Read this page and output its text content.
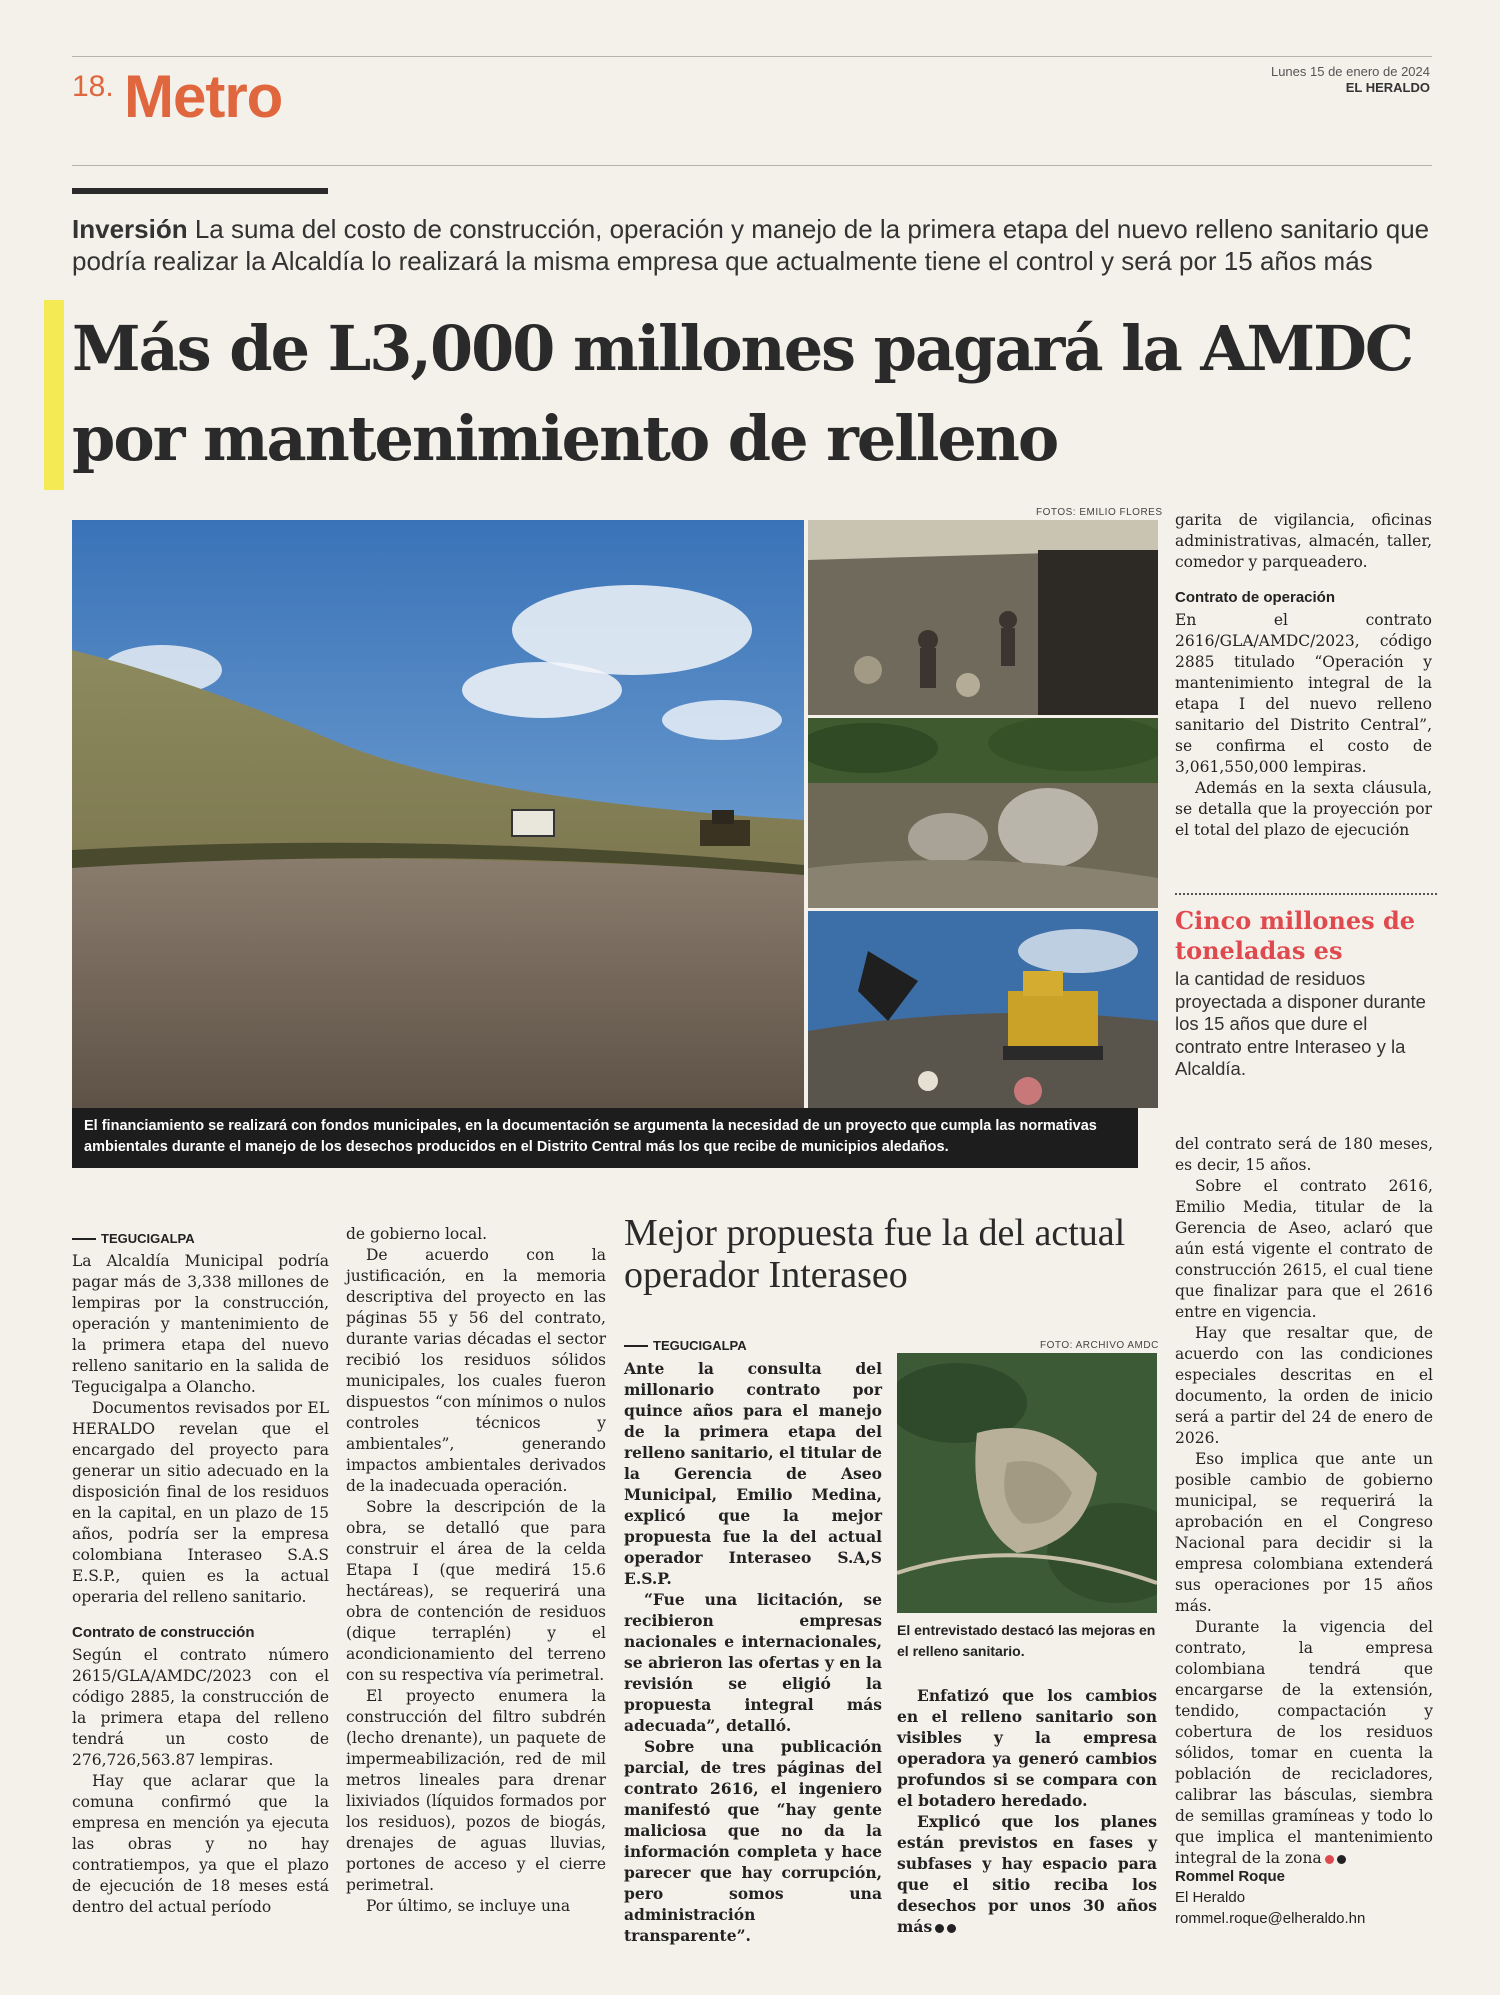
18. Metro	Lunes 15 de enero de 2024
EL HERALDO
Inversión La suma del costo de construcción, operación y manejo de la primera etapa del nuevo relleno sanitario que podría realizar la Alcaldía lo realizará la misma empresa que actualmente tiene el control y será por 15 años más
Más de L3,000 millones pagará la AMDC por mantenimiento de relleno
FOTOS: EMILIO FLORES
El financiamiento se realizará con fondos municipales, en la documentación se argumenta la necesidad de un proyecto que cumpla las normativas ambientales durante el manejo de los desechos producidos en el Distrito Central más los que recibe de municipios aledaños.

garita de vigilancia, oficinas administrativas, almacén, taller, comedor y parqueadero.

Contrato de operación

En el contrato 2616/GLA/AMDC/2023, código 2885 titulado “Operación y mantenimiento integral de la etapa I del nuevo relleno sanitario del Distrito Central”, se confirma el costo de 3,061,550,000 lempiras.

Además en la sexta cláusula, se detalla que la proyección por el total del plazo de ejecución

Cinco millones de toneladas es
la cantidad de residuos proyectada a disponer durante los 15 años que dure el contrato entre Interaseo y la Alcaldía.
TEGUCIGALPA

La Alcaldía Municipal podría pagar más de 3,338 millones de lempiras por la construcción, operación y mantenimiento de la primera etapa del nuevo relleno sanitario en la salida de Tegucigalpa a Olancho.

Documentos revisados por EL HERALDO revelan que el encargado del proyecto para generar un sitio adecuado en la disposición final de los residuos en la capital, en un plazo de 15 años, podría ser la empresa colombiana Interaseo S.A.S E.S.P., quien es la actual operaria del relleno sanitario.

Contrato de construcción

Según el contrato número 2615/GLA/AMDC/2023 con el código 2885, la construcción de la primera etapa del relleno tendrá un costo de 276,726,563.87 lempiras.

Hay que aclarar que la comuna confirmó que la empresa en mención ya ejecuta las obras y no hay contratiempos, ya que el plazo de ejecución de 18 meses está dentro del actual período

de gobierno local.

De acuerdo con la justificación, en la memoria descriptiva del proyecto en las páginas 55 y 56 del contrato, durante varias décadas el sector recibió los residuos sólidos municipales, los cuales fueron dispuestos “con mínimos o nulos controles técnicos y ambientales”, generando impactos ambientales derivados de la inadecuada operación.

Sobre la descripción de la obra, se detalló que para construir el área de la celda Etapa I (que medirá 15.6 hectáreas), se requerirá una obra de contención de residuos (dique terraplén) y el acondicionamiento del terreno con su respectiva vía perimetral.

El proyecto enumera la construcción del filtro subdrén (lecho drenante), un paquete de impermeabilización, red de mil metros lineales para drenar lixiviados (líquidos formados por los residuos), pozos de biogás, drenajes de aguas lluvias, portones de acceso y el cierre perimetral.

Por último, se incluye una

Mejor propuesta fue la del actual operador Interaseo
TEGUCIGALPA

Ante la consulta del millonario contrato por quince años para el manejo de la primera etapa del relleno sanitario, el titular de la Gerencia de Aseo Municipal, Emilio Medina, explicó que la mejor propuesta fue la del actual operador Interaseo S.A,S E.S.P.

“Fue una licitación, se recibieron empresas nacionales e internacionales, se abrieron las ofertas y en la revisión se eligió la propuesta integral más adecuada”, detalló.

Sobre una publicación parcial, de tres páginas del contrato 2616, el ingeniero manifestó que “hay gente maliciosa que no da la información completa y hace parecer que hay corrupción, pero somos una administración transparente”.

FOTO: ARCHIVO AMDC
El entrevistado destacó las mejoras en el relleno sanitario.

Enfatizó que los cambios en el relleno sanitario son visibles y la empresa operadora ya generó cambios profundos si se compara con el botadero heredado.

Explicó que los planes están previstos en fases y subfases y hay espacio para que el sitio reciba los desechos por unos 30 años más

del contrato será de 180 meses, es decir, 15 años.

Sobre el contrato 2616, Emilio Media, titular de la Gerencia de Aseo, aclaró que aún está vigente el contrato de construcción 2615, el cual tiene que finalizar para que el 2616 entre en vigencia.

Hay que resaltar que, de acuerdo con las condiciones especiales descritas en el documento, la orden de inicio será a partir del 24 de enero de 2026.

Eso implica que ante un posible cambio de gobierno municipal, se requerirá la aprobación en el Congreso Nacional para decidir si la empresa colombiana extenderá sus operaciones por 15 años más.

Durante la vigencia del contrato, la empresa colombiana tendrá que encargarse de la extensión, tendido, compactación y cobertura de los residuos sólidos, tomar en cuenta la población de recicladores, calibrar las básculas, siembra de semillas gramíneas y todo lo que implica el mantenimiento integral de la zona

Rommel Roque
El Heraldo
rommel.roque@elheraldo.hn
